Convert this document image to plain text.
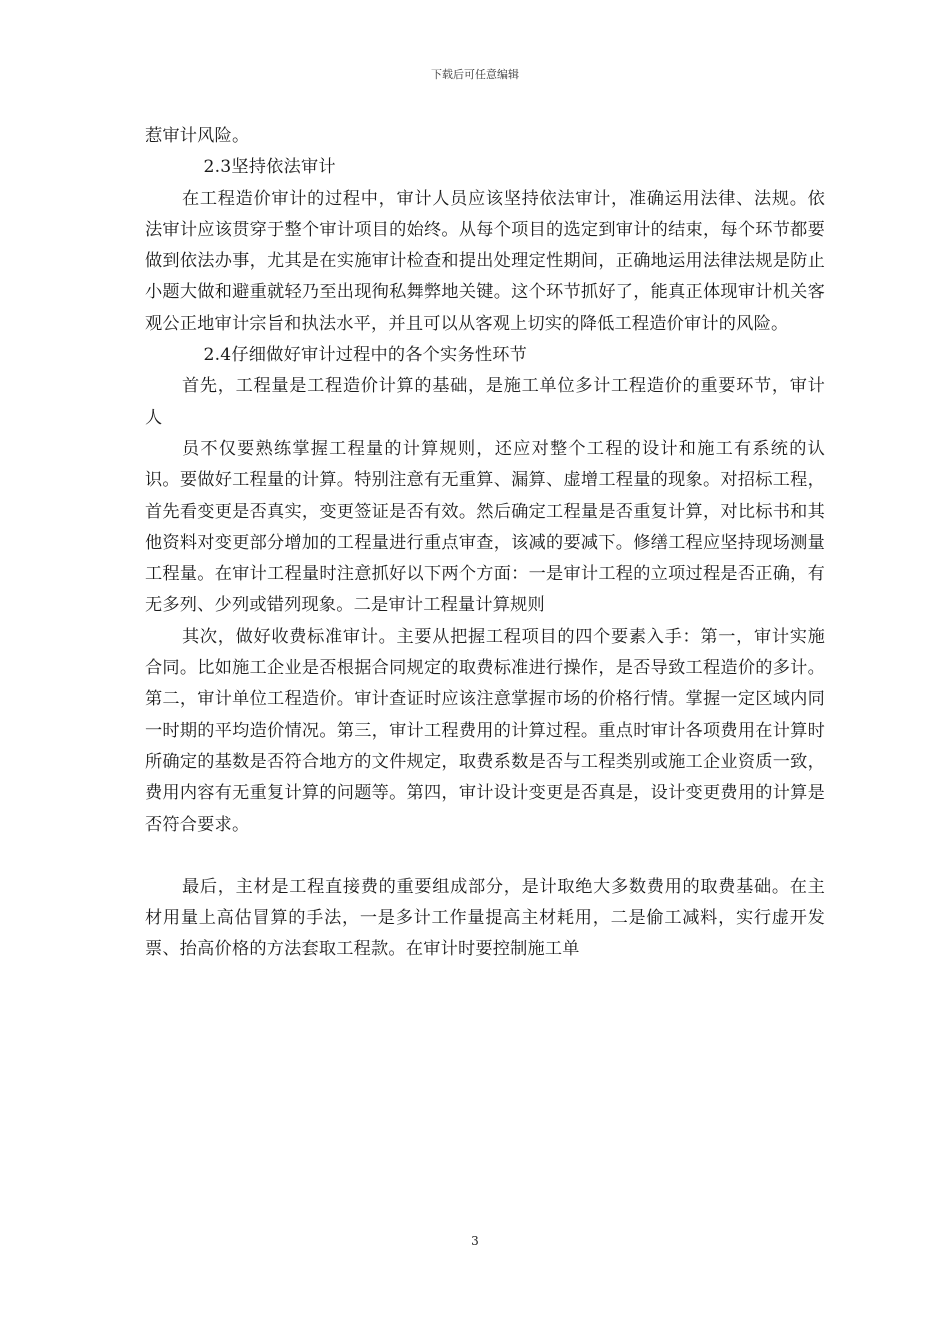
下载后可任意编辑

惹审计风险。

2.3坚持依法审计

在工程造价审计的过程中，审计人员应该坚持依法审计，准确运用法律、法规。依法审计应该贯穿于整个审计项目的始终。从每个项目的选定到审计的结束，每个环节都要做到依法办事，尤其是在实施审计检查和提出处理定性期间，正确地运用法律法规是防止小题大做和避重就轻乃至出现徇私舞弊地关键。这个环节抓好了，能真正体现审计机关客观公正地审计宗旨和执法水平，并且可以从客观上切实的降低工程造价审计的风险。

2.4仔细做好审计过程中的各个实务性环节

首先，工程量是工程造价计算的基础，是施工单位多计工程造价的重要环节，审计人

员不仅要熟练掌握工程量的计算规则，还应对整个工程的设计和施工有系统的认识。要做好工程量的计算。特别注意有无重算、漏算、虚增工程量的现象。对招标工程，首先看变更是否真实，变更签证是否有效。然后确定工程量是否重复计算，对比标书和其他资料对变更部分增加的工程量进行重点审查，该减的要减下。修缮工程应坚持现场测量工程量。在审计工程量时注意抓好以下两个方面：一是审计工程的立项过程是否正确，有无多列、少列或错列现象。二是审计工程量计算规则

其次，做好收费标准审计。主要从把握工程项目的四个要素入手：第一，审计实施合同。比如施工企业是否根据合同规定的取费标准进行操作，是否导致工程造价的多计。第二，审计单位工程造价。审计查证时应该注意掌握市场的价格行情。掌握一定区域内同一时期的平均造价情况。第三，审计工程费用的计算过程。重点时审计各项费用在计算时所确定的基数是否符合地方的文件规定，取费系数是否与工程类别或施工企业资质一致，费用内容有无重复计算的问题等。第四，审计设计变更是否真是，设计变更费用的计算是否符合要求。

最后，主材是工程直接费的重要组成部分，是计取绝大多数费用的取费基础。在主材用量上高估冒算的手法，一是多计工作量提高主材耗用，二是偷工减料，实行虚开发票、抬高价格的方法套取工程款。在审计时要控制施工单

3
